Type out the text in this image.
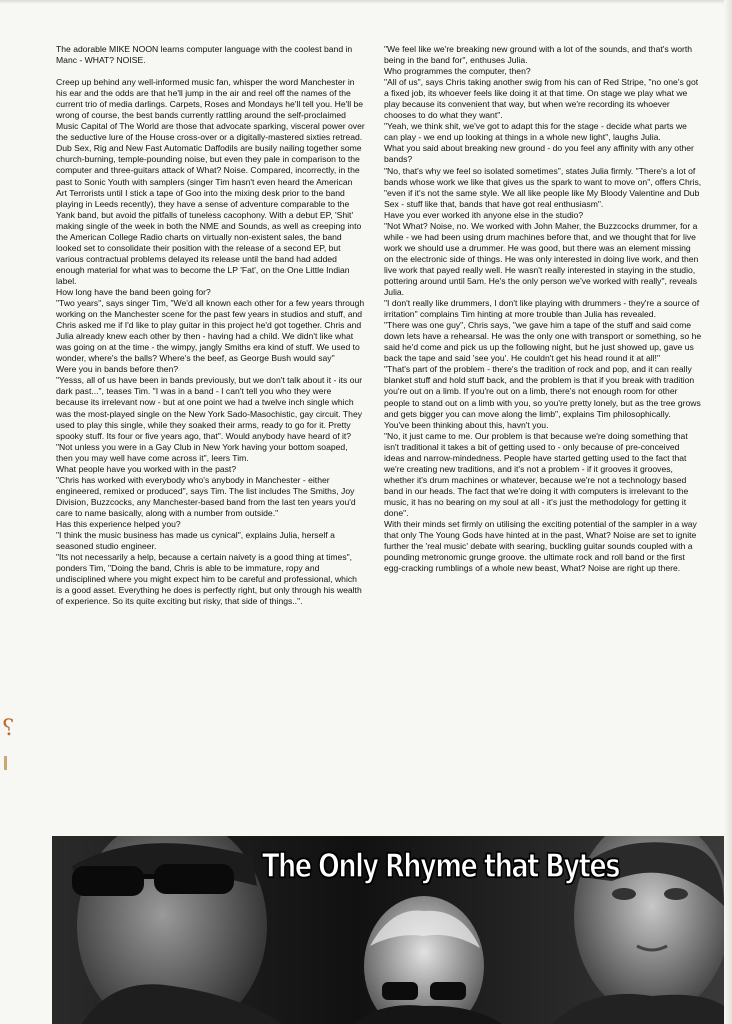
The adorable MIKE NOON learns computer language with the coolest band in Manc - WHAT? NOISE.

Creep up behind any well-informed music fan, whisper the word Manchester in his ear and the odds are that he'll jump in the air and reel off the names of the current trio of media darlings. Carpets, Roses and Mondays he'll tell you. He'll be wrong of course, the best bands currently rattling around the self-proclaimed Music Capital of The World are those that advocate sparking, visceral power over the seductive lure of the House cross-over or a digitally-mastered sixties retread. Dub Sex, Rig and New Fast Automatic Daffodils are busily nailing together some church-burning, temple-pounding noise, but even they pale in comparison to the computer and three-guitars attack of What? Noise. Compared, incorrectly, in the past to Sonic Youth with samplers (singer Tim hasn't even heard the American Art Terrorists until I stick a tape of Goo into the mixing desk prior to the band playing in Leeds recently), they have a sense of adventure comparable to the Yank band, but avoid the pitfalls of tuneless cacophony. With a debut EP, 'Shit' making single of the week in both the NME and Sounds, as well as creeping into the American College Radio charts on virtually non-existent sales, the band looked set to consolidate their position with the release of a second EP, but various contractual problems delayed its release until the band had added enough material for what was to become the LP 'Fat', on the One Little Indian label.

How long have the band been going for?

"Two years", says singer Tim, "We'd all known each other for a few years through working on the Manchester scene for the past few years in studios and stuff, and Chris asked me if I'd like to play guitar in this project he'd got together. Chris and Julia already knew each other by then - having had a child. We didn't like what was going on at the time - the wimpy, jangly Smiths era kind of stuff. We used to wonder, where's the balls? Where's the beef, as George Bush would say"

Were you in bands before then?

"Yesss, all of us have been in bands previously, but we don't talk about it - its our dark past...", teases Tim. "I was in a band - I can't tell you who they were because its irrelevant now - but at one point we had a twelve inch single which was the most-played single on the New York Sado-Masochistic, gay circuit. They used to play this single, while they soaked their arms, ready to go for it. Pretty spooky stuff. Its four or five years ago, that". Would anybody have heard of it?

"Not unless you were in a Gay Club in New York having your bottom soaped, then you may well have come across it", leers Tim.

What people have you worked with in the past?

"Chris has worked with everybody who's anybody in Manchester - either engineered, remixed or produced", says Tim. The list includes The Smiths, Joy Division, Buzzcocks, any Manchester-based band from the last ten years you'd care to name basically, along with a number from outside."

Has this experience helped you?

"I think the music business has made us cynical", explains Julia, herself a seasoned studio engineer.

"Its not necessarily a help, because a certain naivety is a good thing at times", ponders Tim, "Doing the band, Chris is able to be immature, ropy and undisciplined where you might expect him to be careful and professional, which is a good asset. Everything he does is perfectly right, but only through his wealth of experience. So its quite exciting but risky, that side of things..".

"We feel like we're breaking new ground with a lot of the sounds, and that's worth being in the band for", enthuses Julia.

Who programmes the computer, then?

"All of us", says Chris taking another swig from his can of Red Stripe, "no one's got a fixed job, its whoever feels like doing it at that time. On stage we play what we play because its convenient that way, but when we're recording its whoever chooses to do what they want".

"Yeah, we think shit, we've got to adapt this for the stage - decide what parts we can play - we end up looking at things in a whole new light", laughs Julia.

What you said about breaking new ground - do you feel any affinity with any other bands?

"No, that's why we feel so isolated sometimes", states Julia firmly. "There's a lot of bands whose work we like that gives us the spark to want to move on", offers Chris, "even if it's not the same style. We all like people like My Bloody Valentine and Dub Sex - stuff like that, bands that have got real enthusiasm".

Have you ever worked ith anyone else in the studio?

"Not What? Noise, no. We worked with John Maher, the Buzzcocks drummer, for a while - we had been using drum machines before that, and we thought that for live work we should use a drummer. He was good, but there was an element missing on the electronic side of things. He was only interested in doing live work, and then live work that payed really well. He wasn't really interested in staying in the studio, pottering around until 5am. He's the only person we've worked with really", reveals Julia.

"I don't really like drummers, I don't like playing with drummers - they're a source of irritation" complains Tim hinting at more trouble than Julia has revealed.

"There was one guy", Chris says, "we gave him a tape of the stuff and said come down lets have a rehearsal. He was the only one with transport or something, so he said he'd come and pick us up the following night, but he just showed up, gave us back the tape and said 'see you'. He couldn't get his head round it at all!"

"That's part of the problem - there's the tradition of rock and pop, and it can really blanket stuff and hold stuff back, and the problem is that if you break with tradition you're out on a limb. If you're out on a limb, there's not enough room for other people to stand out on a limb with you, so you're pretty lonely, but as the tree grows and gets bigger you can move along the limb", explains Tim philosophically.

You've been thinking about this, havn't you.

"No, it just came to me. Our problem is that because we're doing something that isn't traditional it takes a bit of getting used to - only because of pre-conceived ideas and narrow-mindedness. People have started getting used to the fact that we're creating new traditions, and it's not a problem - if it grooves it grooves, whether it's drum machines or whatever, because we're not a technology based band in our heads. The fact that we're doing it with computers is irrelevant to the music, it has no bearing on my soul at all - it's just the methodology for getting it done".

With their minds set firmly on utilising the exciting potential of the sampler in a way that only The Young Gods have hinted at in the past, What? Noise are set to ignite further the 'real music' debate with searing, buckling guitar sounds coupled with a pounding metronomic grunge groove. the ultimate rock and roll band or the first egg-cracking rumblings of a whole new beast, What? Noise are right up there.

The Only Rhyme that Bytes
⸮
